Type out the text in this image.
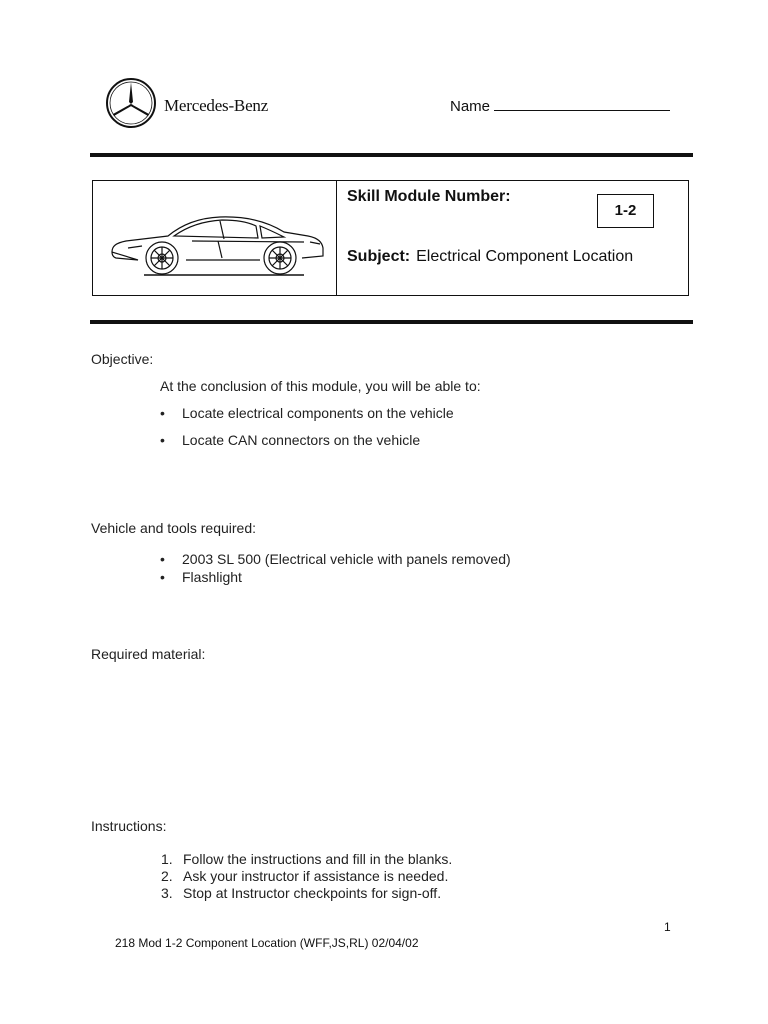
Mercedes-Benz	Name
Skill Module Number:
1-2
Subject: Electrical Component Location
Objective:
At the conclusion of this module, you will be able to:
• Locate electrical components on the vehicle
• Locate CAN connectors on the vehicle
Vehicle and tools required:
• 2003 SL 500 (Electrical vehicle with panels removed)
• Flashlight
Required material:
Instructions:
1. Follow the instructions and fill in the blanks.
2. Ask your instructor if assistance is needed.
3. Stop at Instructor checkpoints for sign-off.
1
218 Mod 1-2 Component Location (WFF,JS,RL) 02/04/02
